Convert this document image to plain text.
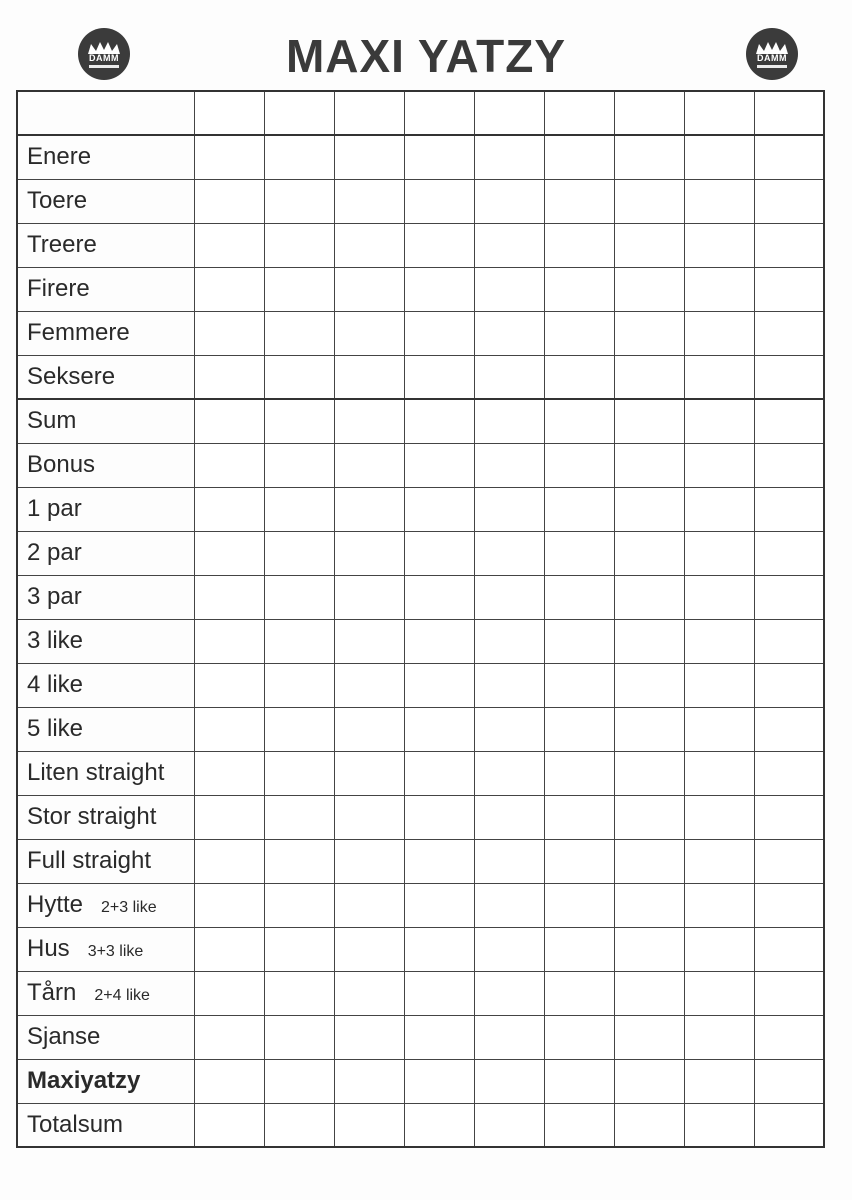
DAMM	MAXI YATZY	DAMM

Enere									
Toere									
Treere									
Firere									
Femmere									
Seksere									
Sum									
Bonus									
1 par									
2 par									
3 par									
3 like									
4 like									
5 like									
Liten straight									
Stor straight									
Full straight									
Hytte 2+3 like									
Hus 3+3 like									
Tårn 2+4 like									
Sjanse									
Maxiyatzy									
Totalsum									
